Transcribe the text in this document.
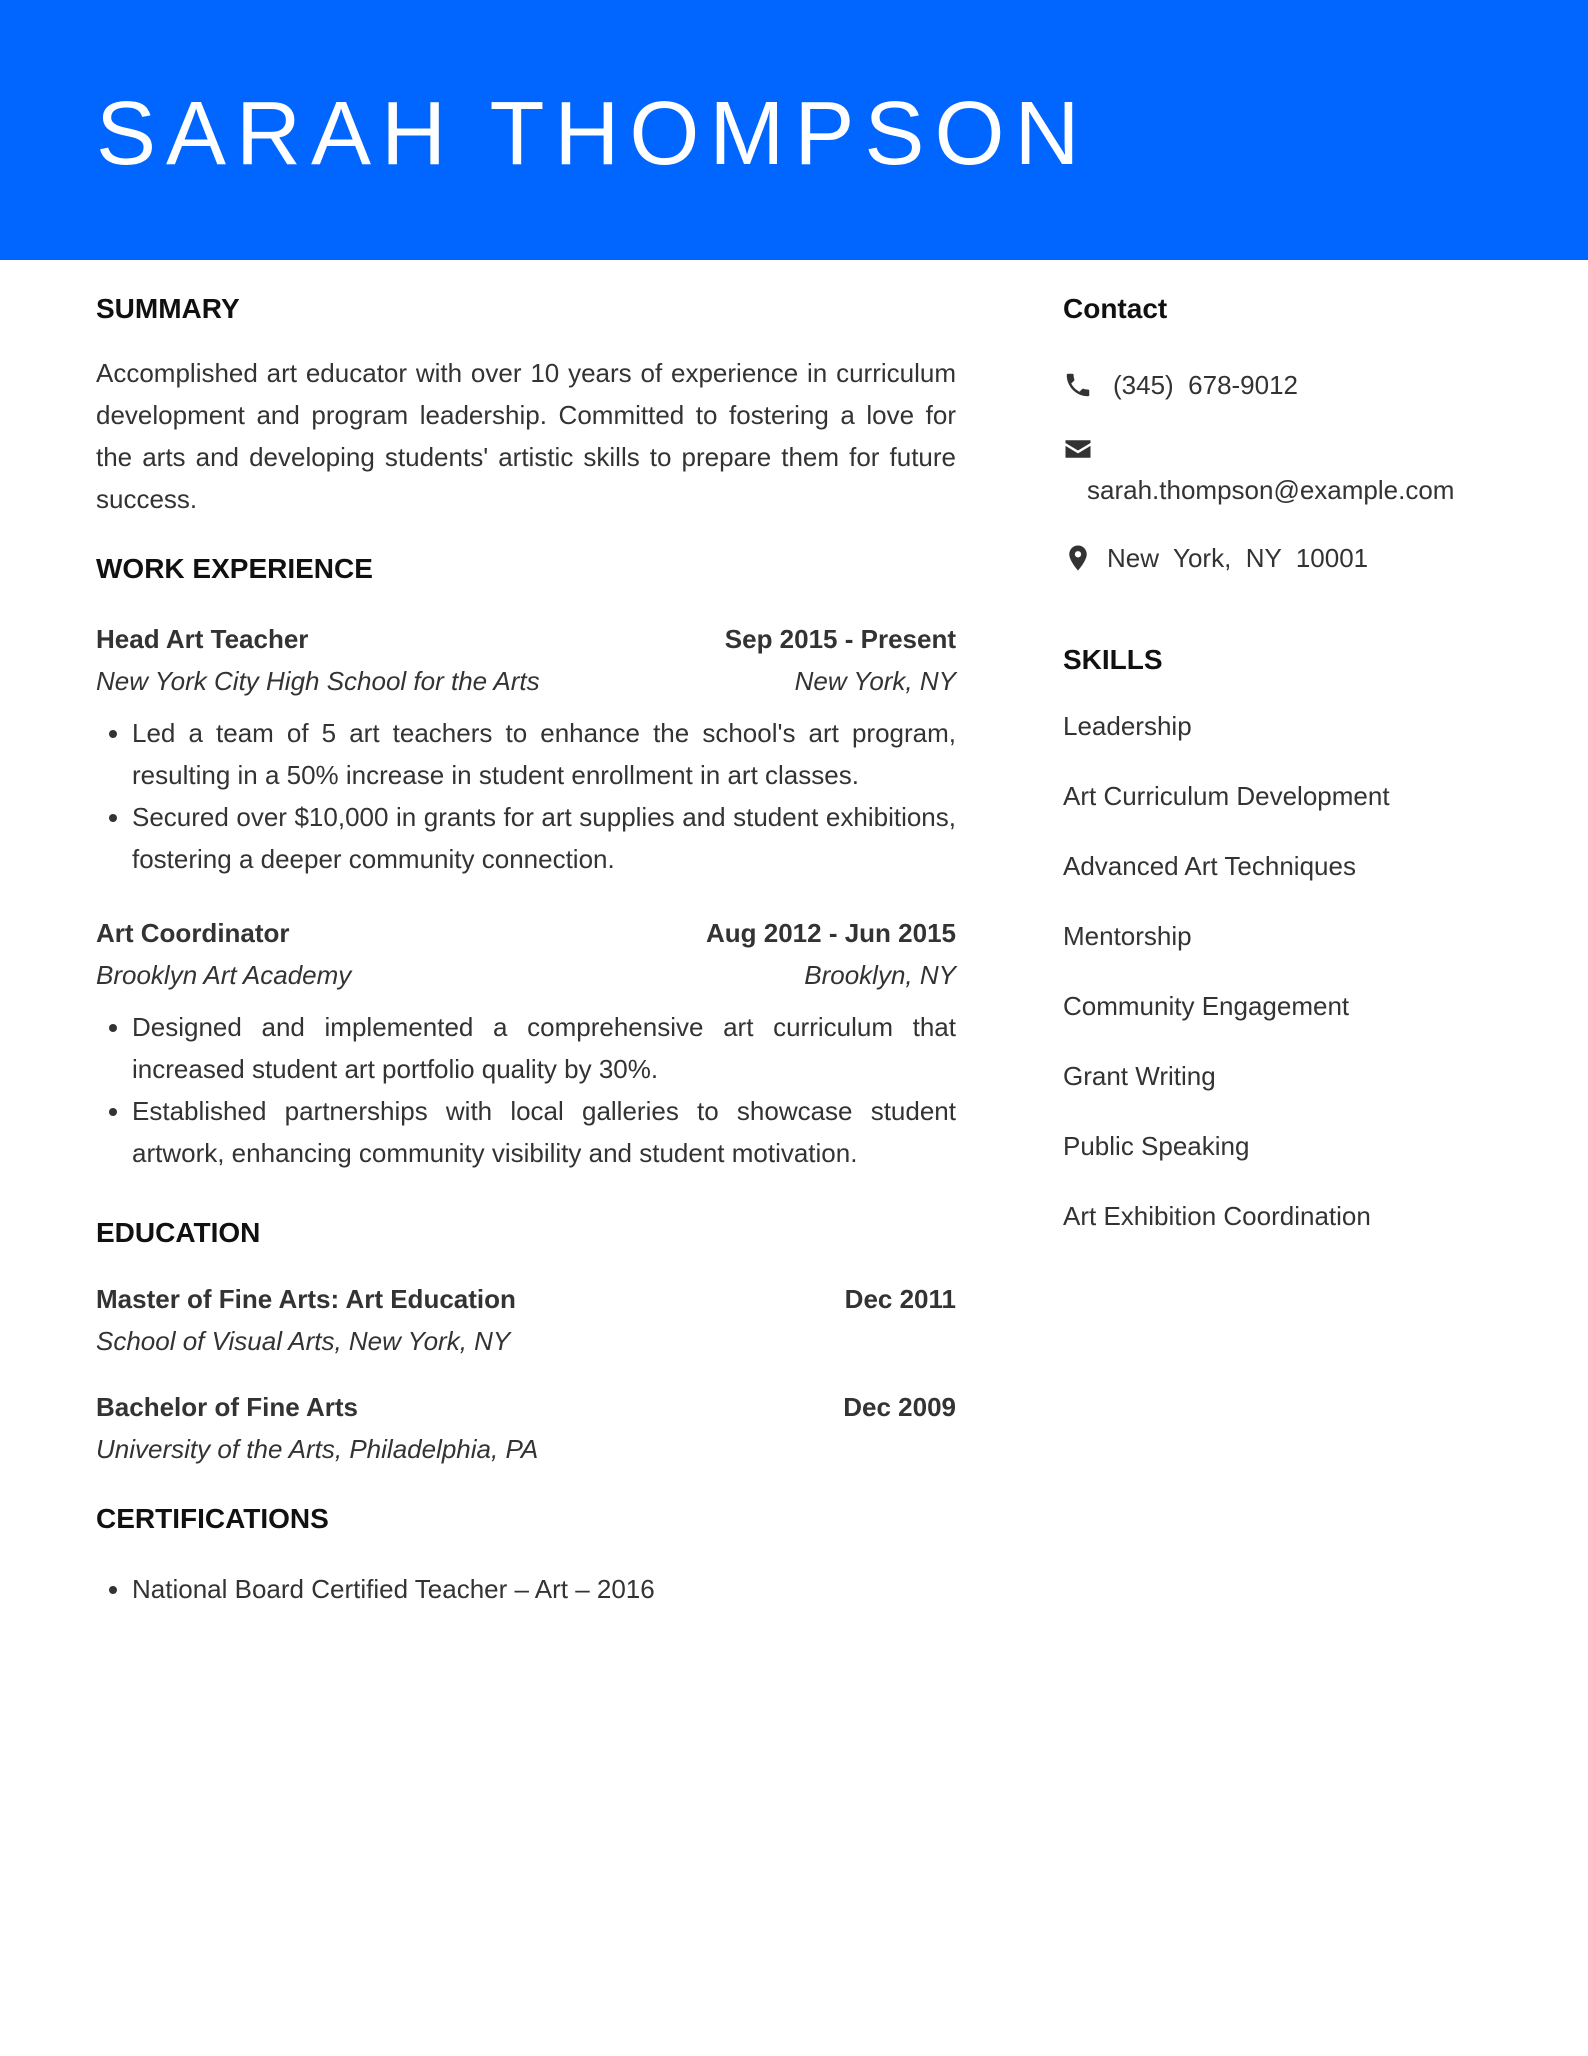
SARAH THOMPSON
SUMMARY

Accomplished art educator with over 10 years of experience in curriculum development and program leadership. Committed to fostering a love for the arts and developing students' artistic skills to prepare them for future success.

WORK EXPERIENCE
Head Art Teacher	Sep 2015 - Present
New York City High School for the Arts	New York, NY
• Led a team of 5 art teachers to enhance the school's art program, resulting in a 50% increase in student enrollment in art classes.
• Secured over $10,000 in grants for art supplies and student exhibitions, fostering a deeper community connection.
Art Coordinator	Aug 2012 - Jun 2015
Brooklyn Art Academy	Brooklyn, NY
• Designed and implemented a comprehensive art curriculum that increased student art portfolio quality by 30%.
• Established partnerships with local galleries to showcase student artwork, enhancing community visibility and student motivation.
EDUCATION
Master of Fine Arts: Art Education	Dec 2011
School of Visual Arts, New York, NY
Bachelor of Fine Arts	Dec 2009
University of the Arts, Philadelphia, PA
CERTIFICATIONS
• National Board Certified Teacher – Art – 2016
Contact
(345)  678-9012
sarah.thompson@example.com
New  York,  NY  10001
SKILLS
Leadership
Art Curriculum Development
Advanced Art Techniques
Mentorship
Community Engagement
Grant Writing
Public Speaking
Art Exhibition Coordination
